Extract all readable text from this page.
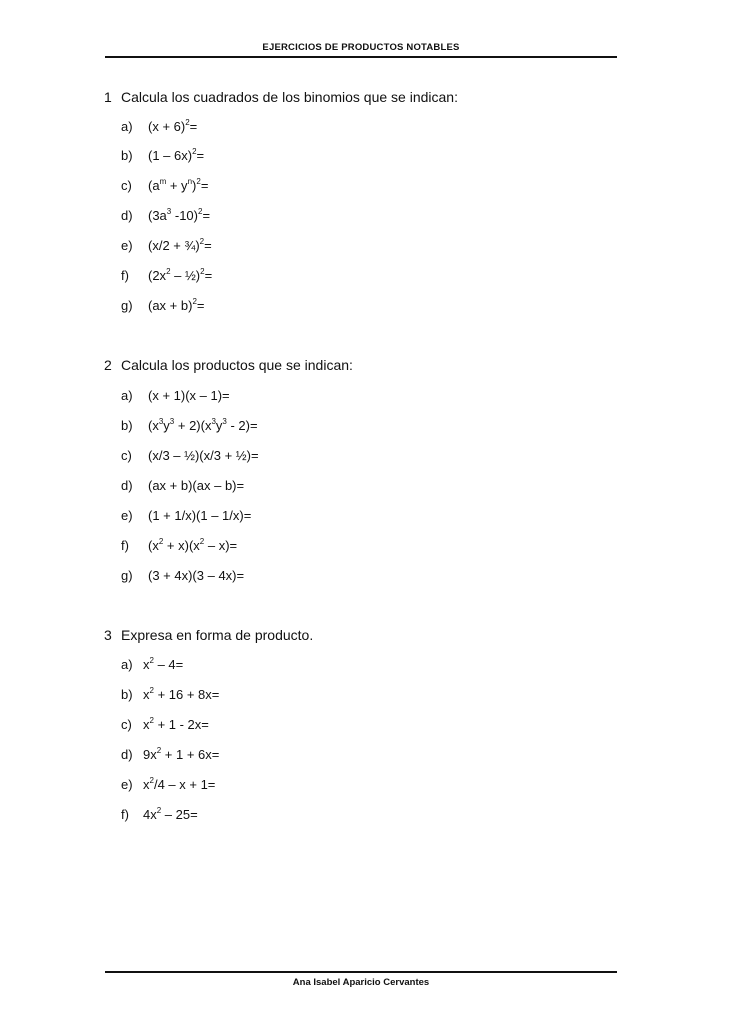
EJERCICIOS DE PRODUCTOS NOTABLES
1 Calcula los cuadrados de los binomios que se indican:
a) $(x + 6)^2=$
b) (1 – 6x)$^2$=
c) $(a^m + y^n)^2=$
d) ($3a^3$ -10)$^2$=
e) (x/2 + ¾)$^2$=
f) ($2x^2$ – ½)$^2$=
g) (ax + b)$^2$=
2 Calcula los productos que se indican:
a) (x + 1)(x – 1)=
b) $(x^3y^3 + 2)(x^3y^3 - 2)=$
c) (x/3 – ½)(x/3 + ½)=
d) (ax + b)(ax – b)=
e) (1 + 1/x)(1 – 1/x)=
f) $(x^2 + x)(x^2 - x)=$
g) (3 + 4x)(3 – 4x)=
3 Expresa en forma de producto.
a) $x^2 - 4=$
b) $x^2 + 16 + 8x=$
c) $x^2 + 1 - 2x=$
d) $9x^2 + 1 + 6x=$
e) $x^2/4 - x + 1=$
f) $4x^2 - 25=$
Ana Isabel Aparicio Cervantes
